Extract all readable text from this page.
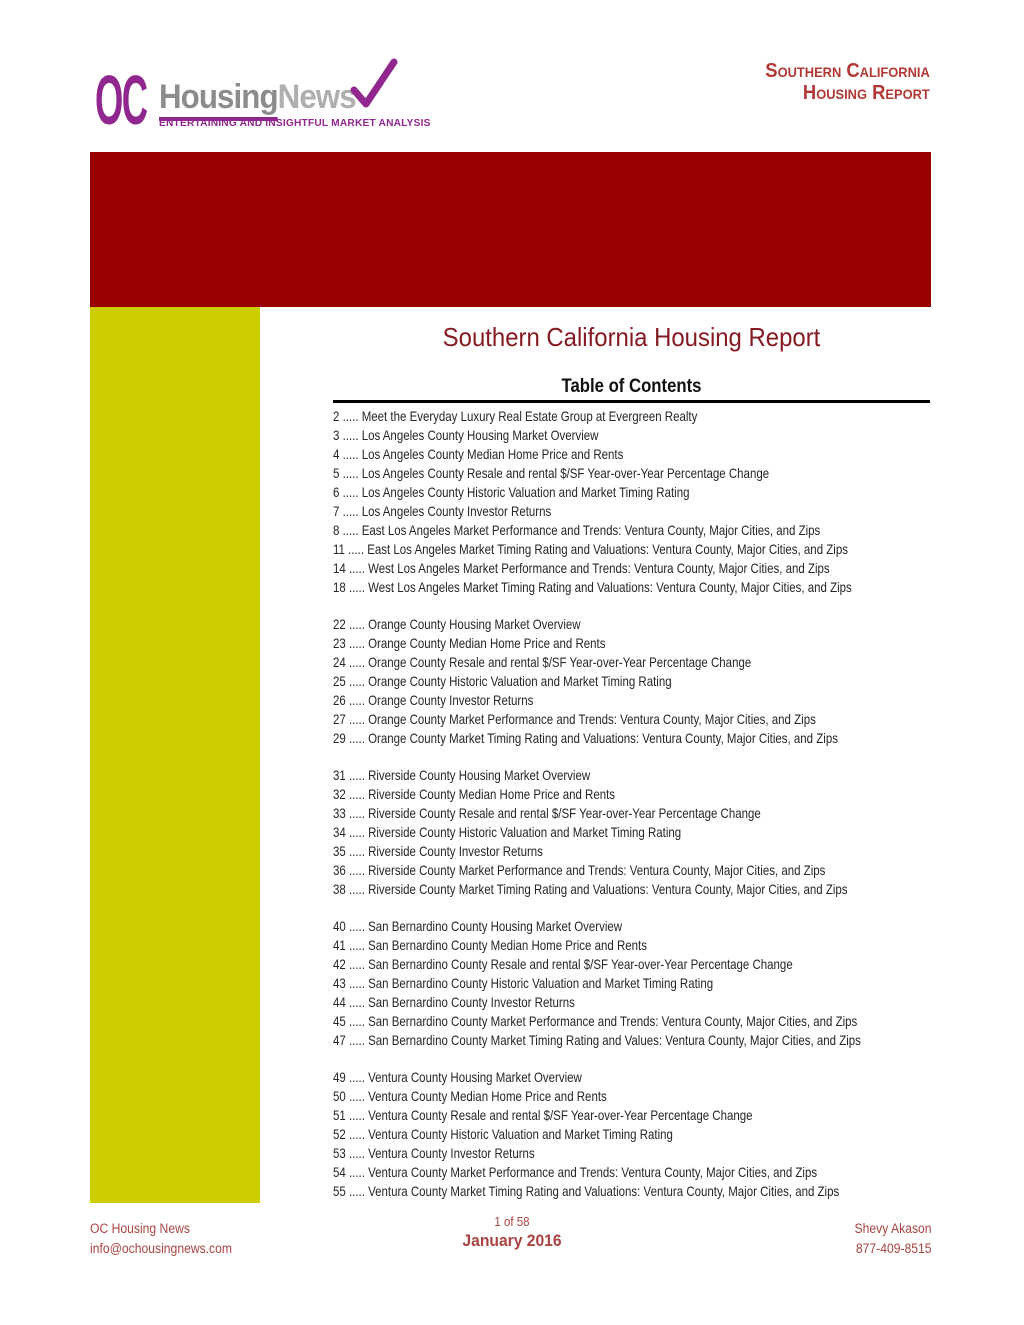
OC HousingNews
ENTERTAINING AND INSIGHTFUL MARKET ANALYSIS
Southern California
Housing Report
Southern California Housing Report
Table of Contents
2 ..... Meet the Everyday Luxury Real Estate Group at Evergreen Realty
3 ..... Los Angeles County Housing Market Overview
4 ..... Los Angeles County Median Home Price and Rents
5 ..... Los Angeles County Resale and rental $/SF Year-over-Year Percentage Change
6 ..... Los Angeles County Historic Valuation and Market Timing Rating
7 ..... Los Angeles County Investor Returns
8 ..... East Los Angeles Market Performance and Trends: Ventura County, Major Cities, and Zips
11 ..... East Los Angeles Market Timing Rating and Valuations: Ventura County, Major Cities, and Zips
14 ..... West Los Angeles Market Performance and Trends: Ventura County, Major Cities, and Zips
18 ..... West Los Angeles Market Timing Rating and Valuations: Ventura County, Major Cities, and Zips
22 ..... Orange County Housing Market Overview
23 ..... Orange County Median Home Price and Rents
24 ..... Orange County Resale and rental $/SF Year-over-Year Percentage Change
25 ..... Orange County Historic Valuation and Market Timing Rating
26 ..... Orange County Investor Returns
27 ..... Orange County Market Performance and Trends: Ventura County, Major Cities, and Zips
29 ..... Orange County Market Timing Rating and Valuations: Ventura County, Major Cities, and Zips
31 ..... Riverside County Housing Market Overview
32 ..... Riverside County Median Home Price and Rents
33 ..... Riverside County Resale and rental $/SF Year-over-Year Percentage Change
34 ..... Riverside County Historic Valuation and Market Timing Rating
35 ..... Riverside County Investor Returns
36 ..... Riverside County Market Performance and Trends: Ventura County, Major Cities, and Zips
38 ..... Riverside County Market Timing Rating and Valuations: Ventura County, Major Cities, and Zips
40 ..... San Bernardino County Housing Market Overview
41 ..... San Bernardino County Median Home Price and Rents
42 ..... San Bernardino County Resale and rental $/SF Year-over-Year Percentage Change
43 ..... San Bernardino County Historic Valuation and Market Timing Rating
44 ..... San Bernardino County Investor Returns
45 ..... San Bernardino County Market Performance and Trends: Ventura County, Major Cities, and Zips
47 ..... San Bernardino County Market Timing Rating and Values: Ventura County, Major Cities, and Zips
49 ..... Ventura County Housing Market Overview
50 ..... Ventura County Median Home Price and Rents
51 ..... Ventura County Resale and rental $/SF Year-over-Year Percentage Change
52 ..... Ventura County Historic Valuation and Market Timing Rating
53 ..... Ventura County Investor Returns
54 ..... Ventura County Market Performance and Trends: Ventura County, Major Cities, and Zips
55 ..... Ventura County Market Timing Rating and Valuations: Ventura County, Major Cities, and Zips
OC Housing News
info@ochousingnews.com
1 of 58
January 2016
Shevy Akason
877-409-8515
